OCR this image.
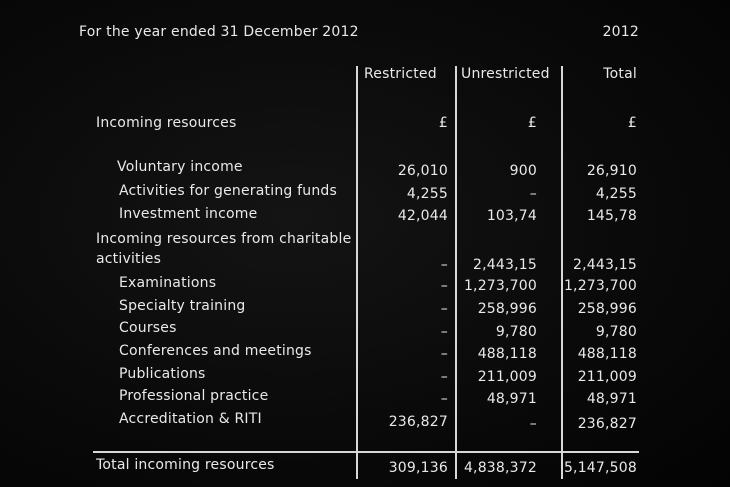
For the year ended 31 December 2012	2012
Restricted Unrestricted	Total
Incoming resources	£	£	£
Voluntary income	26,010	900	26,910
Activities for generating funds	4,255	–	4,255
Investment income	42,044	103,74	145,78
Incoming resources from charitable
activities	– 2,443,15	2,443,15
Examinations	– 1,273,700 1,273,700
Specialty training	– 258,996	258,996
Courses	–	9,780	9,780
Conferences and meetings	– 488,118	488,118
Publications	– 211,009	211,009
Professional practice	–	48,971	48,971
Accreditation & RITI	236,827	–	236,827
Total incoming resources	309,136 4,838,372 5,147,508
